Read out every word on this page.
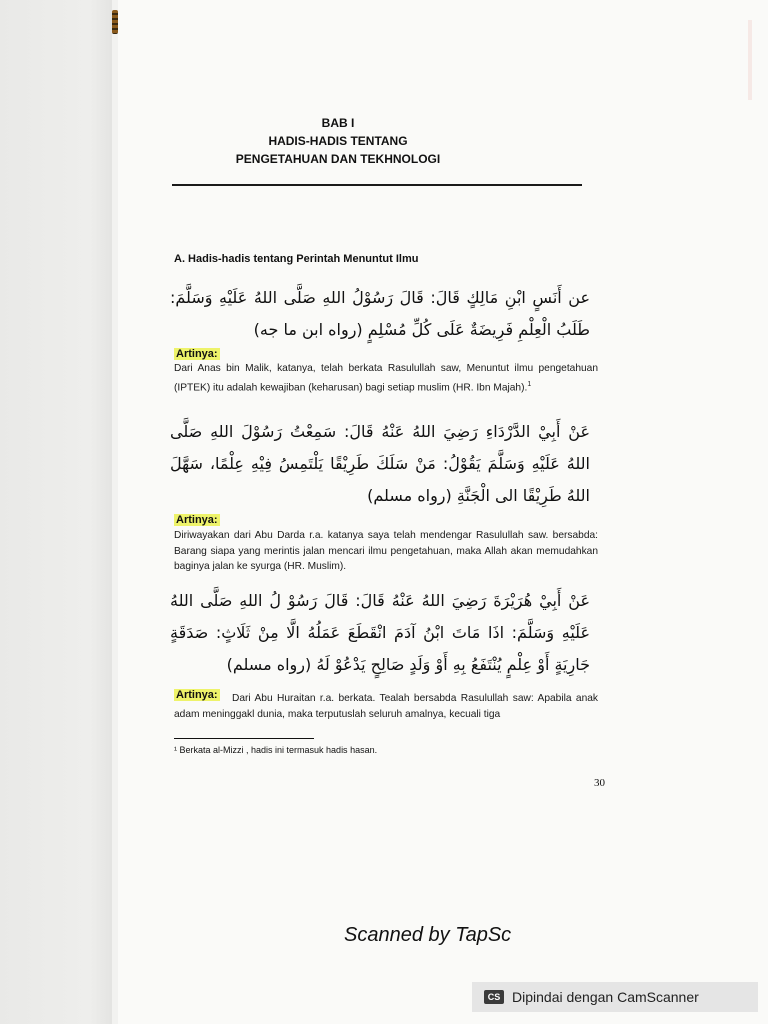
BAB I
HADIS-HADIS TENTANG
PENGETAHUAN DAN TEKHNOLOGI
A. Hadis-hadis tentang Perintah Menuntut Ilmu
عن أَنَسٍ ابْنِ مَالِكٍ قَالَ: قَالَ رَسُوْلُ اللهِ صَلَّى اللهُ عَلَيْهِ وَسَلَّمَ: طَلَبُ الْعِلْمِ فَرِيضَةٌ عَلَى كُلِّ مُسْلِمٍ (رواه ابن ما جه)
Artinya:
Dari Anas bin Malik, katanya, telah berkata Rasulullah saw, Menuntut ilmu pengetahuan (IPTEK) itu adalah kewajiban (keharusan) bagi setiap muslim (HR. Ibn Majah).$^1$
عَنْ أَبِيْ الدَّرْدَاءِ رَضِيَ اللهُ عَنْهُ قَالَ: سَمِعْتُ رَسُوْلَ اللهِ صَلَّى اللهُ عَلَيْهِ وَسَلَّمَ يَقُوْلُ: مَنْ سَلَكَ طَرِيْقًا يَلْتَمِسُ فِيْهِ عِلْمًا، سَهَّلَ اللهُ طَرِيْقًا الى الْجَنَّةِ (رواه مسلم)
Artinya:
Diriwayakan dari Abu Darda r.a. katanya saya telah mendengar Rasulullah saw. bersabda: Barang siapa yang merintis jalan mencari ilmu pengetahuan, maka Allah akan memudahkan baginya jalan ke syurga (HR. Muslim).
عَنْ أَبِيْ هُرَيْرَةَ رَضِيَ اللهُ عَنْهُ قَالَ: قَالَ رَسُوْ لُ اللهِ صَلَّى اللهُ عَلَيْهِ وَسَلَّمَ: اذَا مَاتَ ابْنُ آدَمَ انْقَطَعَ عَمَلُهُ الَّا مِنْ ثَلَاثٍ: صَدَقَةٍ جَارِيَةٍ أَوْ عِلْمٍ يُنْتَفَعُ بِهِ أَوْ وَلَدٍ صَالِحٍ يَدْعُوْ لَهُ (رواه مسلم)
Artinya:	Dari Abu Huraitan r.a. berkata. Tealah bersabda Rasulullah saw: Apabila anak adam meninggakl dunia, maka terputuslah seluruh amalnya, kecuali tiga
¹ Berkata al-Mizzi , hadis ini termasuk hadis hasan.
30
Scanned by TapSc
CS Dipindai dengan CamScanner
